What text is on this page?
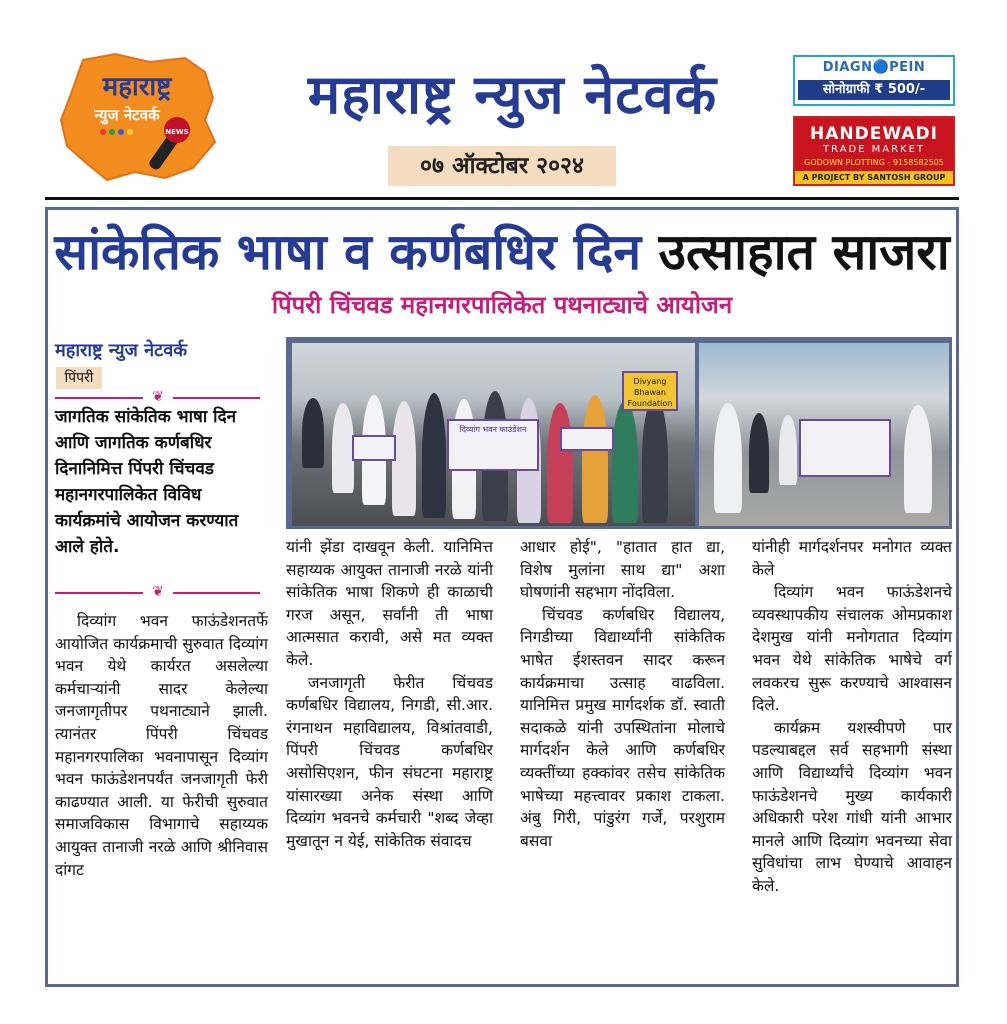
महाराष्ट्र
न्युज नेटवर्क
NEWS
महाराष्ट्र न्युज नेटवर्क
०७ ऑक्टोबर २०२४
DIAGN🔵PEIN
सोनोग्राफी ₹ 500/-
HANDEWADI
TRADE MARKET
GODOWN PLOTTING - 9158582505
A PROJECT BY SANTOSH GROUP
सांकेतिक भाषा व कर्णबधिर दिन उत्साहात साजरा
पिंपरी चिंचवड महानगरपालिकेत पथनाट्याचे आयोजन
महाराष्ट्र न्युज नेटवर्क
पिंपरी
❦
जागतिक सांकेतिक भाषा दिन आणि जागतिक कर्णबधिर दिनानिमित्त पिंपरी चिंचवड महानगरपालिकेत विविध कार्यक्रमांचे आयोजन करण्यात आले होते.
❦
दिव्यांग भवन फाउंडेशन
Divyang Bhawan Foundation

दिव्यांग भवन फाऊंडेशनतर्फे आयोजित कार्यक्रमाची सुरुवात दिव्यांग भवन येथे कार्यरत असलेल्या कर्मचाऱ्यांनी सादर केलेल्या जनजागृतीपर पथनाट्याने झाली. त्यानंतर पिंपरी चिंचवड महानगरपालिका भवनापासून दिव्यांग भवन फाऊंडेशनपर्यंत जनजागृती फेरी काढण्यात आली. या फेरीची सुरुवात समाजविकास विभागाचे सहाय्यक आयुक्त तानाजी नरळे आणि श्रीनिवास दांगट

यांनी झेंडा दाखवून केली. यानिमित्त सहाय्यक आयुक्त तानाजी नरळे यांनी सांकेतिक भाषा शिकणे ही काळाची गरज असून, सर्वांनी ती भाषा आत्मसात करावी, असे मत व्यक्त केले.

जनजागृती फेरीत चिंचवड कर्णबधिर विद्यालय, निगडी, सी.आर. रंगनाथन महाविद्यालय, विश्रांतवाडी, पिंपरी चिंचवड कर्णबधिर असोसिएशन, फीन संघटना महाराष्ट्र यांसारख्या अनेक संस्था आणि दिव्यांग भवनचे कर्मचारी "शब्द जेव्हा मुखातून न येई, सांकेतिक संवादच

आधार होई", "हातात हात द्या, विशेष मुलांना साथ द्या" अशा घोषणांनी सहभाग नोंदविला.

चिंचवड कर्णबधिर विद्यालय, निगडीच्या विद्यार्थ्यांनी सांकेतिक भाषेत ईशस्तवन सादर करून कार्यक्रमाचा उत्साह वाढविला. यानिमित्त प्रमुख मार्गदर्शक डॉ. स्वाती सदाकळे यांनी उपस्थितांना मोलाचे मार्गदर्शन केले आणि कर्णबधिर व्यक्तींच्या हक्कांवर तसेच सांकेतिक भाषेच्या महत्त्वावर प्रकाश टाकला. अंबु गिरी, पांडुरंग गर्जे, परशुराम बसवा

यांनीही मार्गदर्शनपर मनोगत व्यक्त केले

दिव्यांग भवन फाऊंडेशनचे व्यवस्थापकीय संचालक ओमप्रकाश देशमुख यांनी मनोगतात दिव्यांग भवन येथे सांकेतिक भाषेचे वर्ग लवकरच सुरू करण्याचे आश्वासन दिले.

कार्यक्रम यशस्वीपणे पार पडल्याबद्दल सर्व सहभागी संस्था आणि विद्यार्थ्यांचे दिव्यांग भवन फाऊंडेशनचे मुख्य कार्यकारी अधिकारी परेश गांधी यांनी आभार मानले आणि दिव्यांग भवनच्या सेवा सुविधांचा लाभ घेण्याचे आवाहन केले.
